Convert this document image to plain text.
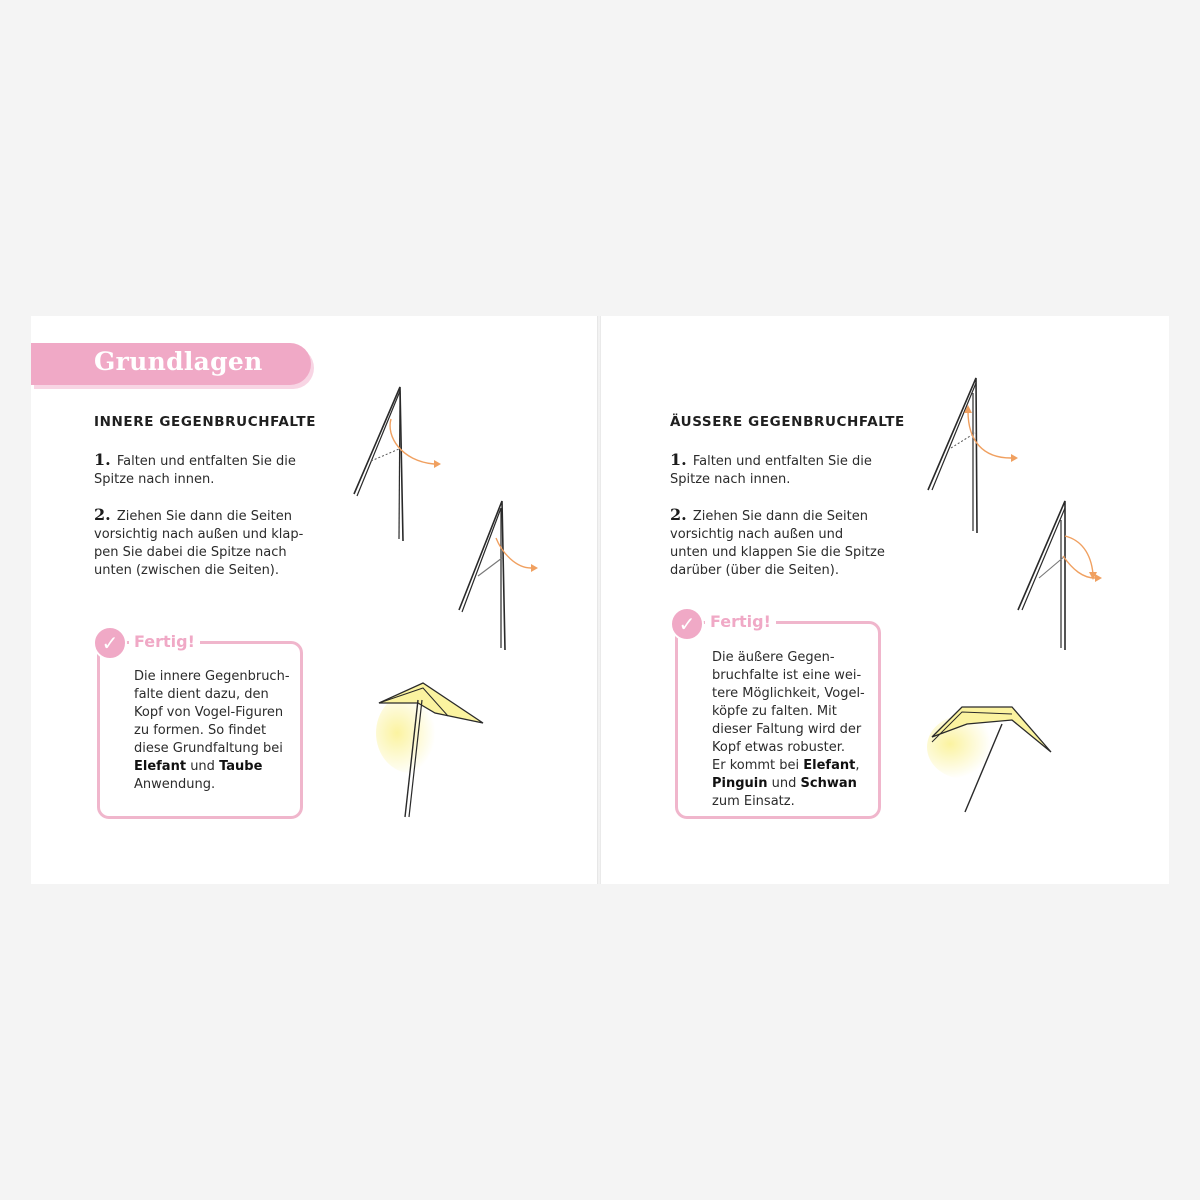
Grundlagen
INNERE GEGENBRUCHFALTE
1. Falten und entfalten Sie die
Spitze nach innen.
2. Ziehen Sie dann die Seiten
vorsichtig nach außen und klap-
pen Sie dabei die Spitze nach
unten (zwischen die Seiten).
✓ Fertig!
Die innere Gegenbruch-
falte dient dazu, den
Kopf von Vogel-Figuren
zu formen. So findet
diese Grundfaltung bei
Elefant und Taube
Anwendung.
ÄUSSERE GEGENBRUCHFALTE
1. Falten und entfalten Sie die
Spitze nach innen.
2. Ziehen Sie dann die Seiten
vorsichtig nach außen und
unten und klappen Sie die Spitze
darüber (über die Seiten).
✓ Fertig!
Die äußere Gegen-
bruchfalte ist eine wei-
tere Möglichkeit, Vogel-
köpfe zu falten. Mit
dieser Faltung wird der
Kopf etwas robuster.
Er kommt bei Elefant,
Pinguin und Schwan
zum Einsatz.
